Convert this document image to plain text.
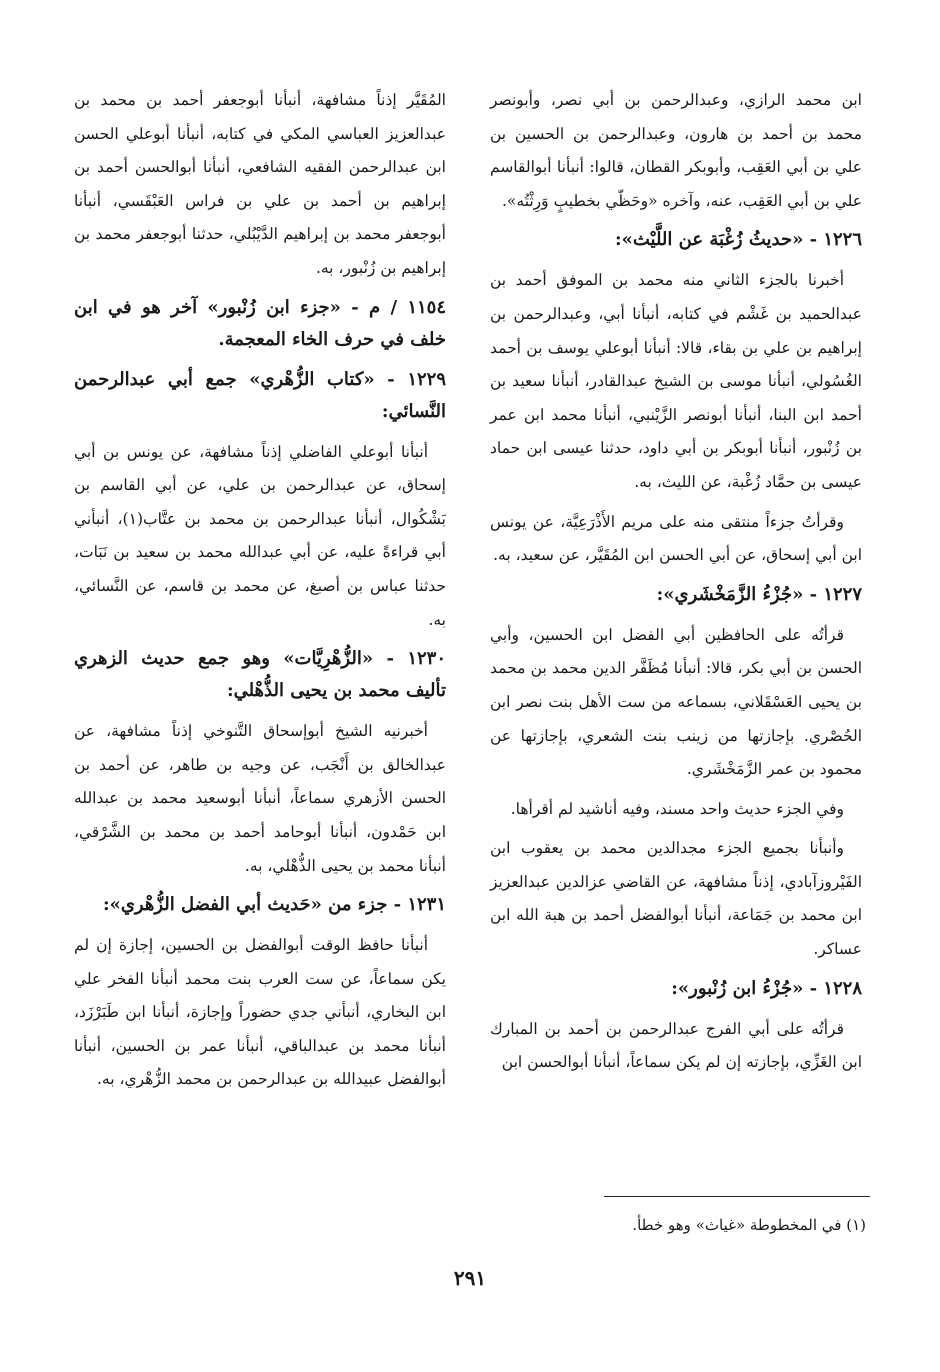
ابن محمد الرازي، وعبدالرحمن بن أبي نصر، وأبونصر محمد بن أحمد بن هارون، وعبدالرحمن بن الحسين بن علي بن أبي العَقِب، وأبوبكر القطان، قالوا: أنبأنا أبوالقاسم علي بن أبي العَقِب، عنه، وآخره «وحَظّي بخطيبٍ وَرِثْتُه».

١٢٢٦ - «حديثُ زُغْبَة عن اللَّيْث»:

أخبرنا بالجزء الثاني منه محمد بن الموفق أحمد بن عبدالحميد بن غَشْم في كتابه، أنبأنا أبي، وعبدالرحمن بن إبراهيم بن علي بن بقاء، قالا: أنبأنا أبوعلي يوسف بن أحمد الغُسُولي، أنبأنا موسى بن الشيخ عبدالقادر، أنبأنا سعيد بن أحمد ابن البنا، أنبأنا أبونصر الزَّيْنبي، أنبأنا محمد ابن عمر بن زُنْبور، أنبأنا أبوبكر بن أبي داود، حدثنا عيسى ابن حماد عيسى بن حمَّاد زُغْبة، عن الليث، به.

وقرأتُ جزءاً منتقى منه على مريم الأَذْرَعِيَّة، عن يونس ابن أبي إسحاق، عن أبي الحسن ابن المُقَيَّر، عن سعيد، به.

١٢٢٧ - «جُزْءُ الزَّمَخْشَري»:

قرأتُه على الحافظين أبي الفضل ابن الحسين، وأبي الحسن بن أبي بكر، قالا: أنبأنا مُظَفَّر الدين محمد بن محمد بن يحيى العَسْقَلاني، بسماعه من ست الأهل بنت نصر ابن الحُصْري. بإجازتها من زينب بنت الشعري، بإجازتها عن محمود بن عمر الزَّمَخْشَري.

وفي الجزء حديث واحد مسند، وفيه أناشيد لم أقرأها.

وأنبأنا بجميع الجزء مجدالدين محمد بن يعقوب ابن الفَيْروزآبادي، إذناً مشافهة، عن القاضي عزالدين عبدالعزيز ابن محمد بن جَمَاعة، أنبأنا أبوالفضل أحمد بن هبة الله ابن عساكر.

١٢٢٨ - «جُزْءُ ابن زُنْبور»:

قرأتُه على أبي الفرج عبدالرحمن بن أحمد بن المبارك ابن الغَزِّي، بإجازته إن لم يكن سماعاً، أنبأنا أبوالحسن ابن

المُقَيَّر إذناً مشافهة، أنبأنا أبوجعفر أحمد بن محمد بن عبدالعزيز العباسي المكي في كتابه، أنبأنا أبوعلي الحسن ابن عبدالرحمن الفقيه الشافعي، أنبأنا أبوالحسن أحمد بن إبراهيم بن أحمد بن علي بن فراس العَبْقَسي، أنبأنا أبوجعفر محمد بن إبراهيم الدَّيْبُلي، حدثنا أبوجعفر محمد بن إبراهيم بن زُنْبور، به.

١١٥٤ / م - «جزء ابن زُنْبور» آخر هو في ابن خلف في حرف الخاء المعجمة.
١٢٢٩ - «كتاب الزُّهْري» جمع أبي عبدالرحمن النَّسائي:

أنبأنا أبوعلي الفاضلي إذناً مشافهة، عن يونس بن أبي إسحاق، عن عبدالرحمن بن علي، عن أبي القاسم بن بَشْكُوال، أنبأنا عبدالرحمن بن محمد بن عتَّاب(١)، أنبأني أبي قراءةً عليه، عن أبي عبدالله محمد بن سعيد بن نَبَات، حدثنا عباس بن أصبغ، عن محمد بن قاسم، عن النَّسائي، به.

١٢٣٠ - «الزُّهْرِيَّات» وهو جمع حديث الزهري تأليف محمد بن يحيى الذُّهْلي:

أخبرنيه الشيخ أبوإسحاق التَّنوخي إذناً مشافهة، عن عبدالخالق بن أَنْجَب، عن وجيه بن طاهر، عن أحمد بن الحسن الأزهري سماعاً، أنبأنا أبوسعيد محمد بن عبدالله ابن حَمْدون، أنبأنا أبوحامد أحمد بن محمد بن الشَّرْقي، أنبأنا محمد بن يحيى الذُّهْلي، به.

١٢٣١ - جزء من «حَديث أبي الفضل الزُّهْري»:

أنبأنا حافظ الوقت أبوالفضل بن الحسين، إجازة إن لم يكن سماعاً، عن ست العرب بنت محمد أنبأنا الفخر علي ابن البخاري، أنبأني جدي حضوراً وإجازة، أنبأنا ابن طَبَرْزَد، أنبأنا محمد بن عبدالباقي، أنبأنا عمر بن الحسين، أنبأنا أبوالفضل عبيدالله بن عبدالرحمن بن محمد الزُّهْري، به.

(١) في المخطوطة «غياث» وهو خطأ.
٢٩١
